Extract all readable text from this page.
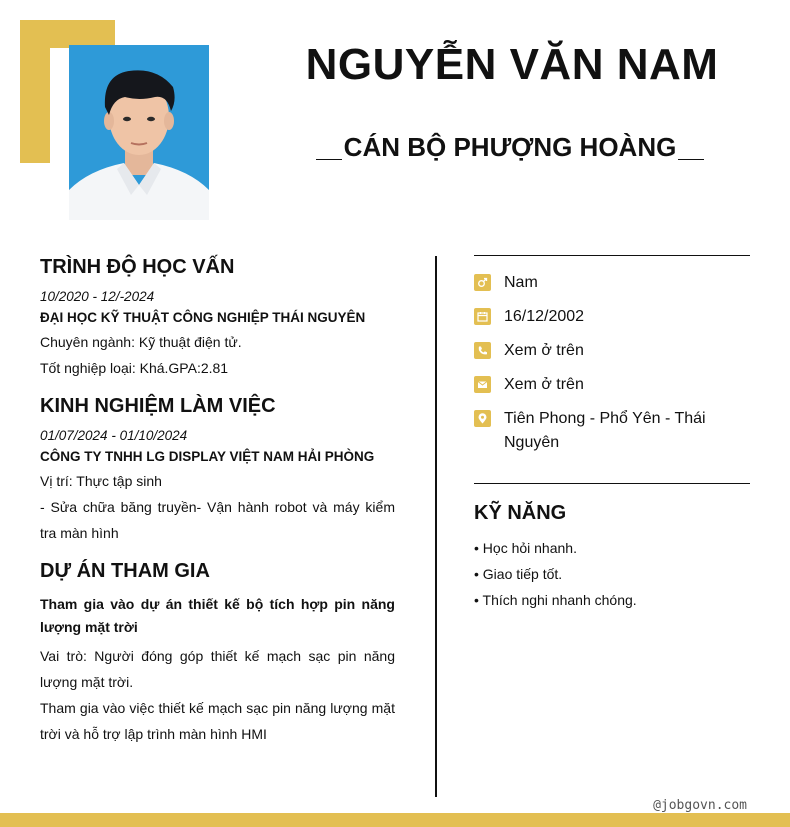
NGUYỄN VĂN NAM
CÁN BỘ PHƯỢNG HOÀNG
TRÌNH ĐỘ HỌC VẤN
10/2020 - 12/-2024
ĐẠI HỌC KỸ THUẬT CÔNG NGHIỆP THÁI NGUYÊN
Chuyên ngành: Kỹ thuật điện tử.
Tốt nghiệp loại: Khá.GPA:2.81
KINH NGHIỆM LÀM VIỆC
01/07/2024 - 01/10/2024
CÔNG TY TNHH LG DISPLAY VIỆT NAM HẢI PHÒNG
Vị trí: Thực tập sinh
- Sửa chữa băng truyền- Vận hành robot và máy kiểm tra màn hình
DỰ ÁN THAM GIA
Tham gia vào dự án thiết kế bộ tích hợp pin năng lượng mặt trời
Vai trò: Người đóng góp thiết kế mạch sạc pin năng lượng mặt trời.
Tham gia vào việc thiết kế mạch sạc pin năng lượng mặt trời và hỗ trợ lập trình màn hình HMI
Nam
16/12/2002
Xem ở trên
Xem ở trên
Tiên Phong - Phổ Yên - Thái Nguyên
KỸ NĂNG
• Học hỏi nhanh.
• Giao tiếp tốt.
• Thích nghi nhanh chóng.
@jobgovn.com
